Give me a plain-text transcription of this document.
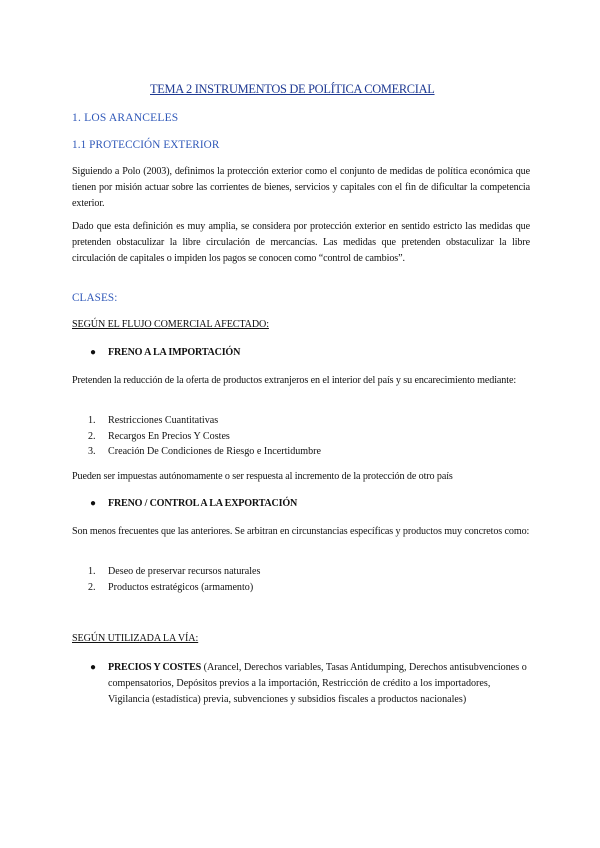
TEMA 2 INSTRUMENTOS DE POLÍTICA COMERCIAL

1. LOS ARANCELES

1.1 PROTECCIÓN EXTERIOR

Siguiendo a Polo (2003), definimos la protección exterior como el conjunto de medidas de política económica que tienen por misión actuar sobre las corrientes de bienes, servicios y capitales con el fin de dificultar la competencia exterior.

Dado que esta definición es muy amplia, se considera por protección exterior en sentido estricto las medidas que pretenden obstaculizar la libre circulación de mercancías. Las medidas que pretenden obstaculizar la libre circulación de capitales o impiden los pagos se conocen como “control de cambios”.

CLASES:

SEGÚN EL FLUJO COMERCIAL AFECTADO:

● FRENO A LA IMPORTACIÓN

Pretenden la reducción de la oferta de productos extranjeros en el interior del país y su encarecimiento mediante:

1.	Restricciones Cuantitativas
2.	Recargos En Precios Y Costes
3.	Creación De Condiciones de Riesgo e Incertidumbre

Pueden ser impuestas autónomamente o ser respuesta al incremento de la protección de otro país

● FRENO / CONTROL A LA EXPORTACIÓN

Son menos frecuentes que las anteriores. Se arbitran en circunstancias específicas y productos muy concretos como:

1.	Deseo de preservar recursos naturales
2.	Productos estratégicos (armamento)

SEGÚN UTILIZADA LA VÍA:

● PRECIOS Y COSTES (Arancel, Derechos variables, Tasas Antidumping, Derechos antisubvenciones o compensatorios, Depósitos previos a la importación, Restricción de crédito a los importadores, Vigilancia (estadística) previa, subvenciones y subsidios fiscales a productos nacionales)
